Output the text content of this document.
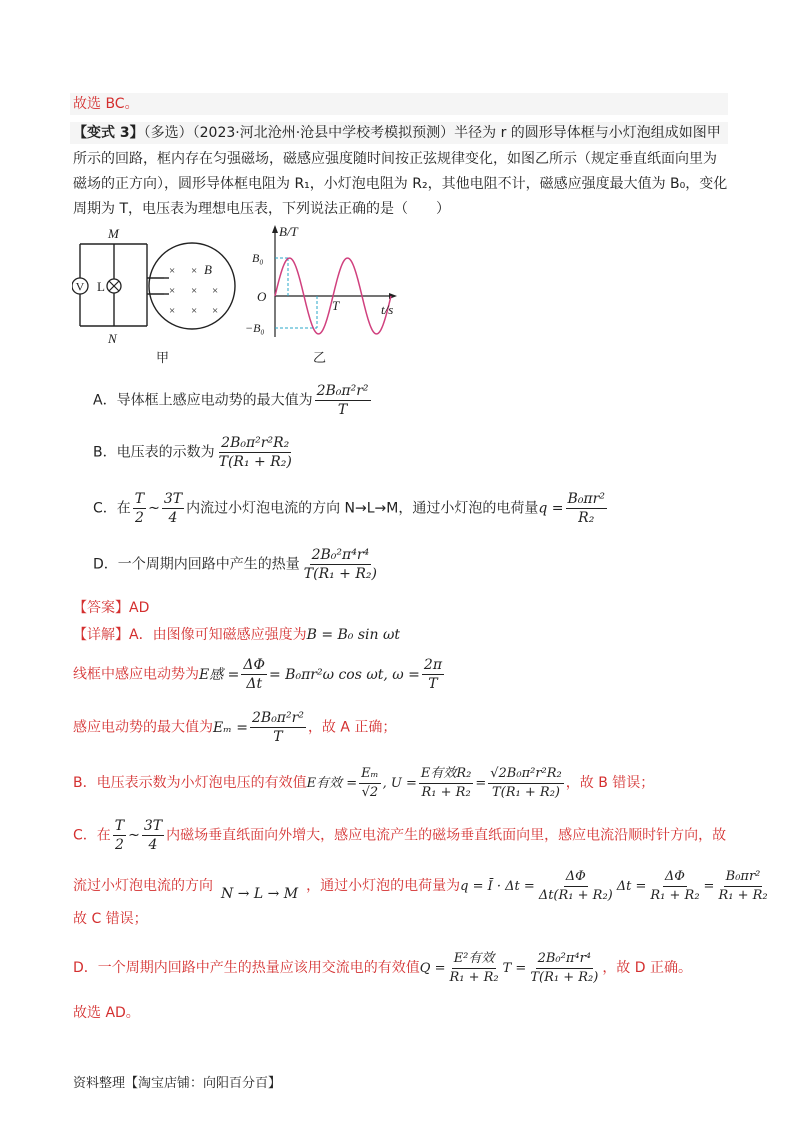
故选 BC。
【变式 3】（多选）（2023·河北沧州·沧县中学校考模拟预测）半径为 r 的圆形导体框与小灯泡组成如图甲
所示的回路，框内存在匀强磁场，磁感应强度随时间按正弦规律变化，如图乙所示（规定垂直纸面向里为
磁场的正方向），圆形导体框电阻为 R₁，小灯泡电阻为 R₂，其他电阻不计，磁感应强度最大值为 B₀，变化
周期为 T，电压表为理想电压表，下列说法正确的是（　　）
V L
M
N
× ×
× × ×
× × ×
B
甲
B/T
t/s
B₀
−B₀
O
T
乙
A．导体框上感应电动势的最大值为 $\frac{\text{2B₀π²r²}}{T}$
B．电压表的示数为 $\frac{\text{2B₀π²r²R₂}}{\text{T(R₁ + R₂)}}$
C．在 $\frac{T}{2}$ ~ $\frac{3T}{4}$ 内流过小灯泡电流的方向 N→L→M，通过小灯泡的电荷量$q = \frac{\text{B₀πr²}}{\text{R₂}}$
D．一个周期内回路中产生的热量 $\frac{\text{2B₀²π⁴r⁴}}{\text{T(R₁ + R₂)}}$
【答案】AD
【详解】A．由图像可知磁感应强度为B = B₀ sin ωt
线框中感应电动势为E感 = $\frac{\Delta\Phi}{\Delta t} = B_0\pi r^2\omega$ cos ωt, $\omega = \frac{2\pi}{T}$
感应电动势的最大值为$E_m = \frac{\text{2B₀π²r²}}{T}$ ，故 A 正确；
B．电压表示数为小灯泡电压的有效值E有效 = $\frac{\text{Eₘ}}{√2}$ , $U = \frac{\text{E有效R₂}}{\text{R₁ + R₂}} = \frac{\text{√2B₀π²r²R₂}}{\text{T(R₁ + R₂)}}$ ，故 B 错误；
C．在 $\frac{T}{2}$ ~ $\frac{3T}{4}$ 内磁场垂直纸面向外增大，感应电流产生的磁场垂直纸面向里，感应电流沿顺时针方向，故
流过小灯泡电流的方向 N → L → M ，通过小灯泡的电荷量为q = Ī · $\Delta t = \frac{\Delta\Phi}{\text{Δt(R₁ + R₂)}}$ $\Delta t = \frac{\Delta\Phi}{\text{R₁ + R₂}} = \frac{\text{B₀πr²}}{\text{R₁ + R₂}}$
故 C 错误；
D．一个周期内回路中产生的热量应该用交流电的有效值$Q = \frac{\text{E²有效}}{\text{R₁ + R₂}}$ $T = \frac{\text{2B₀²π⁴r⁴}}{\text{T(R₁ + R₂)}}$ ，故 D 正确。
故选 AD。
资料整理【淘宝店铺：向阳百分百】
